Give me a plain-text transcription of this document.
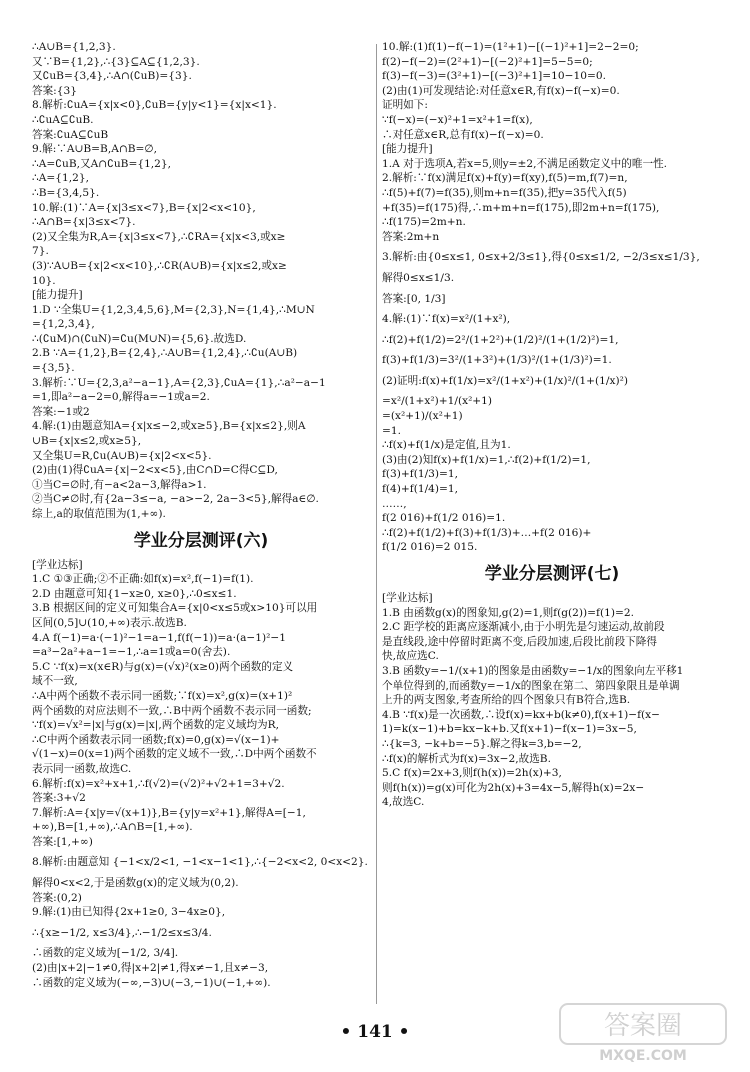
∴A∪B={1,2,3}.
又∵B={1,2},∴{3}⊆A⊆{1,2,3}.
又∁uB={3,4},∴A∩(∁uB)={3}.
答案:{3}
8.解析:∁uA={x|x<0},∁uB={y|y<1}={x|x<1}.
∴∁uA⊆∁uB.
答案:∁uA⊆∁uB
9.解:∵A∪B=B,A∩B=∅,
∴A=∁uB,又A∩∁uB={1,2},
∴A={1,2},
∴B={3,4,5}.
10.解:(1)∵A={x|3≤x<7},B={x|2<x<10},
∴A∩B={x|3≤x<7}.
(2)又全集为R,A={x|3≤x<7},∴∁RA={x|x<3,或x≥
7}.
(3)∵A∪B={x|2<x<10},∴∁R(A∪B)={x|x≤2,或x≥
10}.
[能力提升]
1.D ∵全集U={1,2,3,4,5,6},M={2,3},N={1,4},∴M∪N
={1,2,3,4},
∴(∁uM)∩(∁uN)=∁u(M∪N)={5,6}.故选D.
2.B ∵A={1,2},B={2,4},∴A∪B={1,2,4},∴∁u(A∪B)
={3,5}.
3.解析:∵U={2,3,a²−a−1},A={2,3},∁uA={1},∴a²−a−1
=1,即a²−a−2=0,解得a=−1或a=2.
答案:−1或2
4.解:(1)由题意知A={x|x≤−2,或x≥5},B={x|x≤2},则A
∪B={x|x≤2,或x≥5},
又全集U=R,∁u(A∪B)={x|2<x<5}.
(2)由(1)得∁uA={x|−2<x<5},由C∩D=C得C⊆D,
①当C=∅时,有−a<2a−3,解得a>1.
②当C≠∅时,有{2a−3≤−a, −a>−2, 2a−3<5},解得a∈∅.
综上,a的取值范围为(1,+∞).
学业分层测评(六)
[学业达标]
1.C ①③正确;②不正确:如f(x)=x²,f(−1)=f(1).
2.D 由题意可知{1−x≥0, x≥0},∴0≤x≤1.
3.B 根据区间的定义可知集合A={x|0<x≤5或x>10}可以用
区间(0,5]∪(10,+∞)表示.故选B.
4.A f(−1)=a·(−1)²−1=a−1,f(f(−1))=a·(a−1)²−1
=a³−2a²+a−1=−1,∴a=1或a=0(舍去).
5.C ∵f(x)=x(x∈R)与g(x)=(√x)²(x≥0)两个函数的定义
域不一致,
∴A中两个函数不表示同一函数;∵f(x)=x²,g(x)=(x+1)²
两个函数的对应法则不一致,∴B中两个函数不表示同一函数;
∵f(x)=√x²=|x|与g(x)=|x|,两个函数的定义域均为R,
∴C中两个函数表示同一函数;f(x)=0,g(x)=√(x−1)+
√(1−x)=0(x=1)两个函数的定义域不一致,∴D中两个函数不
表示同一函数,故选C.
6.解析:f(x)=x²+x+1,∴f(√2)=(√2)²+√2+1=3+√2.
答案:3+√2
7.解析:A={x|y=√(x+1)},B={y|y=x²+1},解得A=[−1,
+∞),B=[1,+∞),∴A∩B=[1,+∞).
答案:[1,+∞)
8.解析:由题意知 {−1<x/2<1, −1<x−1<1},∴{−2<x<2, 0<x<2}.
解得0<x<2,于是函数g(x)的定义域为(0,2).
答案:(0,2)
9.解:(1)由已知得{2x+1≥0, 3−4x≥0},
∴{x≥−1/2, x≤3/4},∴−1/2≤x≤3/4.
∴函数的定义域为[−1/2, 3/4].
(2)由|x+2|−1≠0,得|x+2|≠1,得x≠−1,且x≠−3,
∴函数的定义域为(−∞,−3)∪(−3,−1)∪(−1,+∞).
10.解:(1)f(1)−f(−1)=(1²+1)−[(−1)²+1]=2−2=0;
f(2)−f(−2)=(2²+1)−[(−2)²+1]=5−5=0;
f(3)−f(−3)=(3²+1)−[(−3)²+1]=10−10=0.
(2)由(1)可发现结论:对任意x∈R,有f(x)−f(−x)=0.
证明如下:
∵f(−x)=(−x)²+1=x²+1=f(x),
∴对任意x∈R,总有f(x)−f(−x)=0.
[能力提升]
1.A 对于选项A,若x=5,则y=±2,不满足函数定义中的唯一性.
2.解析:∵f(x)满足f(x)+f(y)=f(xy),f(5)=m,f(7)=n,
∴f(5)+f(7)=f(35),则m+n=f(35),把y=35代入f(5)
+f(35)=f(175)得,∴m+m+n=f(175),即2m+n=f(175),
∴f(175)=2m+n.
答案:2m+n
3.解析:由{0≤x≤1, 0≤x+2/3≤1},得{0≤x≤1/2, −2/3≤x≤1/3},
解得0≤x≤1/3.
答案:[0, 1/3]
4.解:(1)∵f(x)=x²/(1+x²),
∴f(2)+f(1/2)=2²/(1+2²)+(1/2)²/(1+(1/2)²)=1,
f(3)+f(1/3)=3²/(1+3²)+(1/3)²/(1+(1/3)²)=1.
(2)证明:f(x)+f(1/x)=x²/(1+x²)+(1/x)²/(1+(1/x)²)
=x²/(1+x²)+1/(x²+1)
=(x²+1)/(x²+1)
=1.
∴f(x)+f(1/x)是定值,且为1.
(3)由(2)知f(x)+f(1/x)=1,∴f(2)+f(1/2)=1,
f(3)+f(1/3)=1,
f(4)+f(1/4)=1,
……,
f(2 016)+f(1/2 016)=1.
∴f(2)+f(1/2)+f(3)+f(1/3)+…+f(2 016)+
f(1/2 016)=2 015.
学业分层测评(七)
[学业达标]
1.B 由函数g(x)的图象知,g(2)=1,则f(g(2))=f(1)=2.
2.C 距学校的距离应逐渐减小,由于小明先是匀速运动,故前段
是直线段,途中停留时距离不变,后段加速,后段比前段下降得
快,故应选C.
3.B 函数y=−1/(x+1)的图象是由函数y=−1/x的图象向左平移1
个单位得到的,而函数y=−1/x的图象在第二、第四象限且是单调
上升的两支图象,考查所给的四个图象只有B符合,选B.
4.B ∵f(x)是一次函数,∴设f(x)=kx+b(k≠0),f(x+1)−f(x−
1)=k(x−1)+b=kx−k+b.又f(x+1)−f(x−1)=3x−5,
∴{k=3, −k+b=−5}.解之得k=3,b=−2,
∴f(x)的解析式为f(x)=3x−2,故选B.
5.C f(x)=2x+3,则f(h(x))=2h(x)+3,
则f(h(x))=g(x)可化为2h(x)+3=4x−5,解得h(x)=2x−
4,故选C.
• 141 •	答案圈
MXQE.COM
